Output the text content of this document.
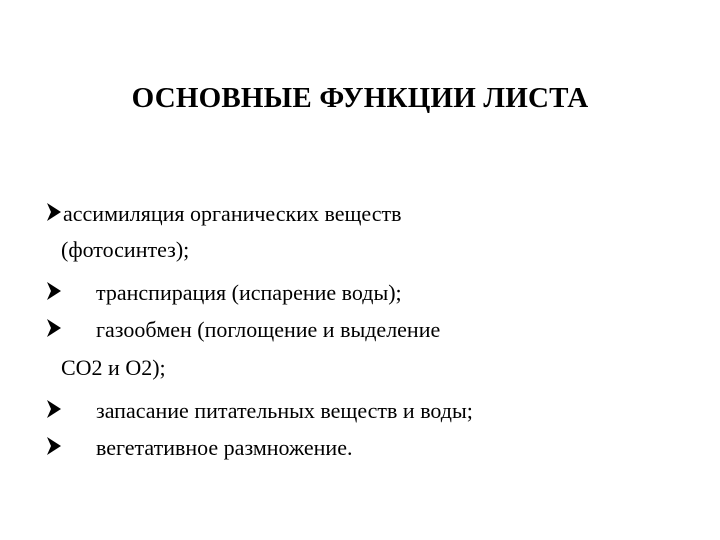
ОСНОВНЫЕ ФУНКЦИИ ЛИСТА
ассимиляция органических веществ
(фотосинтез);
транспирация (испарение воды);
газообмен (поглощение и выделение
СО2 и О2);
запасание питательных веществ и воды;
вегетативное размножение.
